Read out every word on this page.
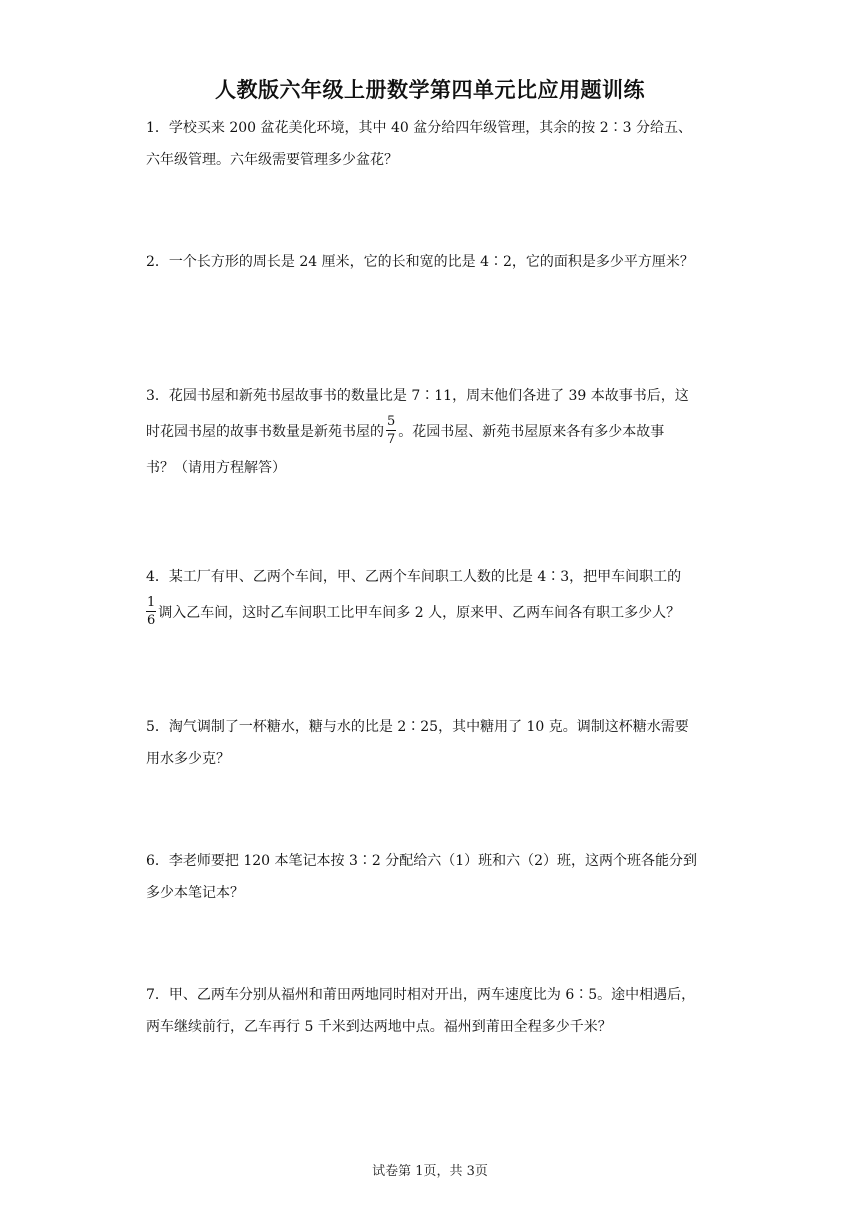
人教版六年级上册数学第四单元比应用题训练
1．学校买来 200 盆花美化环境，其中 40 盆分给四年级管理，其余的按 2∶3 分给五、
六年级管理。六年级需要管理多少盆花？
2．一个长方形的周长是 24 厘米，它的长和宽的比是 4∶2，它的面积是多少平方厘米？
3．花园书屋和新苑书屋故事书的数量比是 7∶11，周末他们各进了 39 本故事书后，这
时花园书屋的故事书数量是新苑书屋的 $\frac{5}{7}$ 。花园书屋、新苑书屋原来各有多少本故事
书？（请用方程解答）
4．某工厂有甲、乙两个车间，甲、乙两个车间职工人数的比是 4∶3，把甲车间职工的
$\frac{1}{6}$ 调入乙车间，这时乙车间职工比甲车间多 2 人，原来甲、乙两车间各有职工多少人？
5．淘气调制了一杯糖水，糖与水的比是 2∶25，其中糖用了 10 克。调制这杯糖水需要
用水多少克？
6．李老师要把 120 本笔记本按 3∶2 分配给六（1）班和六（2）班，这两个班各能分到
多少本笔记本？
7．甲、乙两车分别从福州和莆田两地同时相对开出，两车速度比为 6∶5。途中相遇后，
两车继续前行，乙车再行 5 千米到达两地中点。福州到莆田全程多少千米？
试卷第 1页，共 3页
